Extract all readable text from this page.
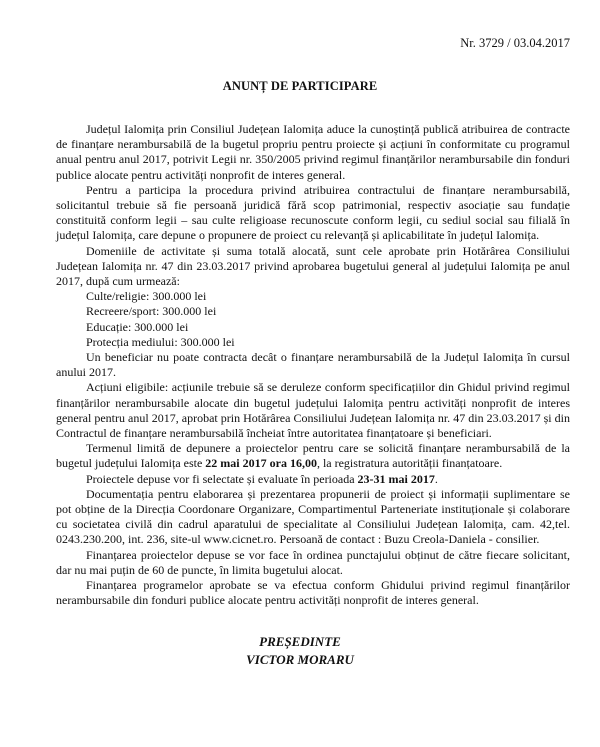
Nr. 3729 / 03.04.2017
ANUNȚ DE PARTICIPARE

Județul Ialomița prin Consiliul Județean Ialomița aduce la cunoștință publică atribuirea de contracte de finanțare nerambursabilă de la bugetul propriu pentru proiecte și acțiuni în conformitate cu programul anual pentru anul 2017, potrivit Legii nr. 350/2005 privind regimul finanțărilor nerambursabile din fonduri publice alocate pentru activități nonprofit de interes general.

Pentru a participa la procedura privind atribuirea contractului de finanțare nerambursabilă, solicitantul trebuie să fie persoană juridică fără scop patrimonial, respectiv asociație sau fundație constituită conform legii – sau culte religioase recunoscute conform legii, cu sediul social sau filială în județul Ialomița, care depune o propunere de proiect cu relevanță și aplicabilitate în județul Ialomița.

Domeniile de activitate și suma totală alocată, sunt cele aprobate prin Hotărârea Consiliului Județean Ialomița nr. 47 din 23.03.2017 privind aprobarea bugetului general al județului Ialomița pe anul 2017, după cum urmează:

Culte/religie: 300.000 lei

Recreere/sport: 300.000 lei

Educație: 300.000 lei

Protecția mediului: 300.000 lei

Un beneficiar nu poate contracta decât o finanțare nerambursabilă de la Județul Ialomița în cursul anului 2017.

Acțiuni eligibile: acțiunile trebuie să se deruleze conform specificațiilor din Ghidul privind regimul finanțărilor nerambursabile alocate din bugetul județului Ialomița pentru activități nonprofit de interes general pentru anul 2017, aprobat prin Hotărârea Consiliului Județean Ialomița nr. 47 din 23.03.2017 și din Contractul de finanțare nerambursabilă încheiat între autoritatea finanțatoare și beneficiari.

Termenul limită de depunere a proiectelor pentru care se solicită finanțare nerambursabilă de la bugetul județului Ialomița este 22 mai 2017 ora 16,00, la registratura autorității finanțatoare.

Proiectele depuse vor fi selectate și evaluate în perioada 23-31 mai 2017.

Documentația pentru elaborarea și prezentarea propunerii de proiect și informații suplimentare se pot obține de la Direcția Coordonare Organizare, Compartimentul Parteneriate instituționale și colaborare cu societatea civilă din cadrul aparatului de specialitate al Consiliului Județean Ialomița, cam. 42,tel. 0243.230.200, int. 236, site-ul www.cicnet.ro. Persoană de contact : Buzu Creola-Daniela - consilier.

Finanțarea proiectelor depuse se vor face în ordinea punctajului obținut de către fiecare solicitant, dar nu mai puțin de 60 de puncte, în limita bugetului alocat.

Finanțarea programelor aprobate se va efectua conform Ghidului privind regimul finanțărilor nerambursabile din fonduri publice alocate pentru activități nonprofit de interes general.

PREȘEDINTE
VICTOR MORARU
